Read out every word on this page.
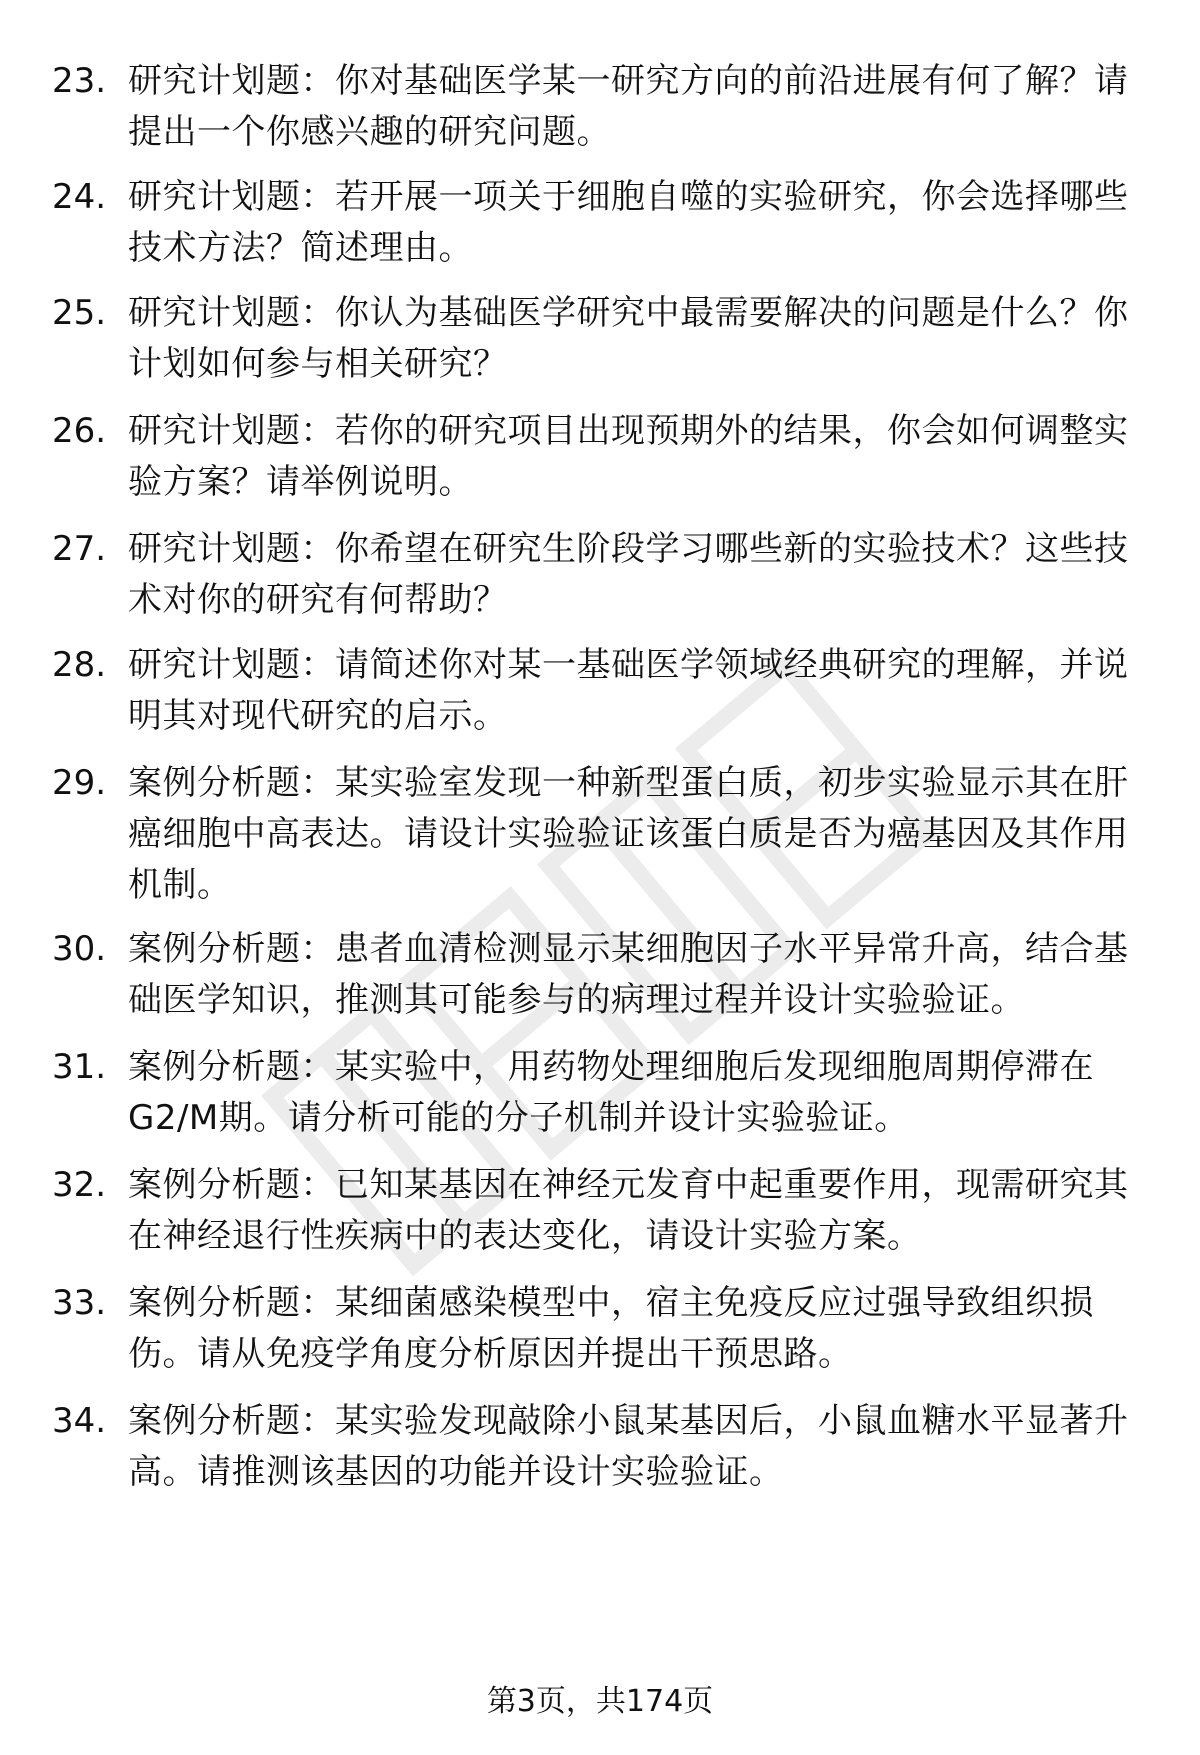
23. 研究计划题：你对基础医学某一研究方向的前沿进展有何了解？请提出一个你感兴趣的研究问题。
24. 研究计划题：若开展一项关于细胞自噬的实验研究，你会选择哪些技术方法？简述理由。
25. 研究计划题：你认为基础医学研究中最需要解决的问题是什么？你计划如何参与相关研究？
26. 研究计划题：若你的研究项目出现预期外的结果，你会如何调整实验方案？请举例说明。
27. 研究计划题：你希望在研究生阶段学习哪些新的实验技术？这些技术对你的研究有何帮助？
28. 研究计划题：请简述你对某一基础医学领域经典研究的理解，并说明其对现代研究的启示。
29. 案例分析题：某实验室发现一种新型蛋白质，初步实验显示其在肝癌细胞中高表达。请设计实验验证该蛋白质是否为癌基因及其作用机制。
30. 案例分析题：患者血清检测显示某细胞因子水平异常升高，结合基础医学知识，推测其可能参与的病理过程并设计实验验证。
31. 案例分析题：某实验中，用药物处理细胞后发现细胞周期停滞在G2/M期。请分析可能的分子机制并设计实验验证。
32. 案例分析题：已知某基因在神经元发育中起重要作用，现需研究其在神经退行性疾病中的表达变化，请设计实验方案。
33. 案例分析题：某细菌感染模型中，宿主免疫反应过强导致组织损伤。请从免疫学角度分析原因并提出干预思路。
34. 案例分析题：某实验发现敲除小鼠某基因后，小鼠血糖水平显著升高。请推测该基因的功能并设计实验验证。
第3页，共174页
